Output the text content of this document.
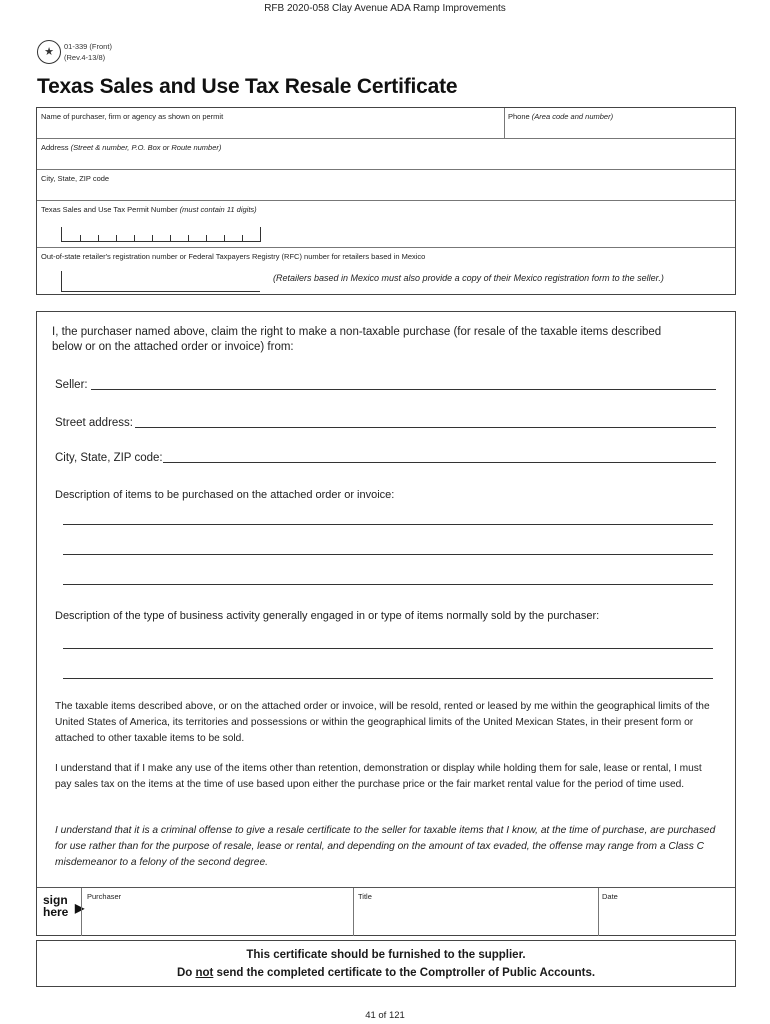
RFB 2020-058 Clay Avenue ADA Ramp Improvements
★	01-339 (Front)
(Rev.4-13/8)
Texas Sales and Use Tax Resale Certificate
Name of purchaser, firm or agency as shown on permit	Phone (Area code and number)
Address (Street & number, P.O. Box or Route number)
City, State, ZIP code
Texas Sales and Use Tax Permit Number (must contain 11 digits)
Out-of-state retailer's registration number or Federal Taxpayers Registry (RFC) number for retailers based in Mexico
(Retailers based in Mexico must also provide a copy of their Mexico registration form to the seller.)
I, the purchaser named above, claim the right to make a non-taxable purchase (for resale of the taxable items described below or on the attached order or invoice) from:
Seller:
Street address:
City, State, ZIP code:
Description of items to be purchased on the attached order or invoice:
Description of the type of business activity generally engaged in or type of items normally sold by the purchaser:
The taxable items described above, or on the attached order or invoice, will be resold, rented or leased by me within the geographical limits of the United States of America, its territories and possessions or within the geographical limits of the United Mexican States, in their present form or attached to other taxable items to be sold.
I understand that if I make any use of the items other than retention, demonstration or display while holding them for sale, lease or rental, I must pay sales tax on the items at the time of use based upon either the purchase price or the fair market rental value for the period of time used.
I understand that it is a criminal offense to give a resale certificate to the seller for taxable items that I know, at the time of purchase, are purchased for use rather than for the purpose of resale, lease or rental, and depending on the amount of tax evaded, the offense may range from a Class C misdemeanor to a felony of the second degree.
sign
here ▶
Purchaser	Title	Date
This certificate should be furnished to the supplier.
Do not send the completed certificate to the Comptroller of Public Accounts.
41 of 121
